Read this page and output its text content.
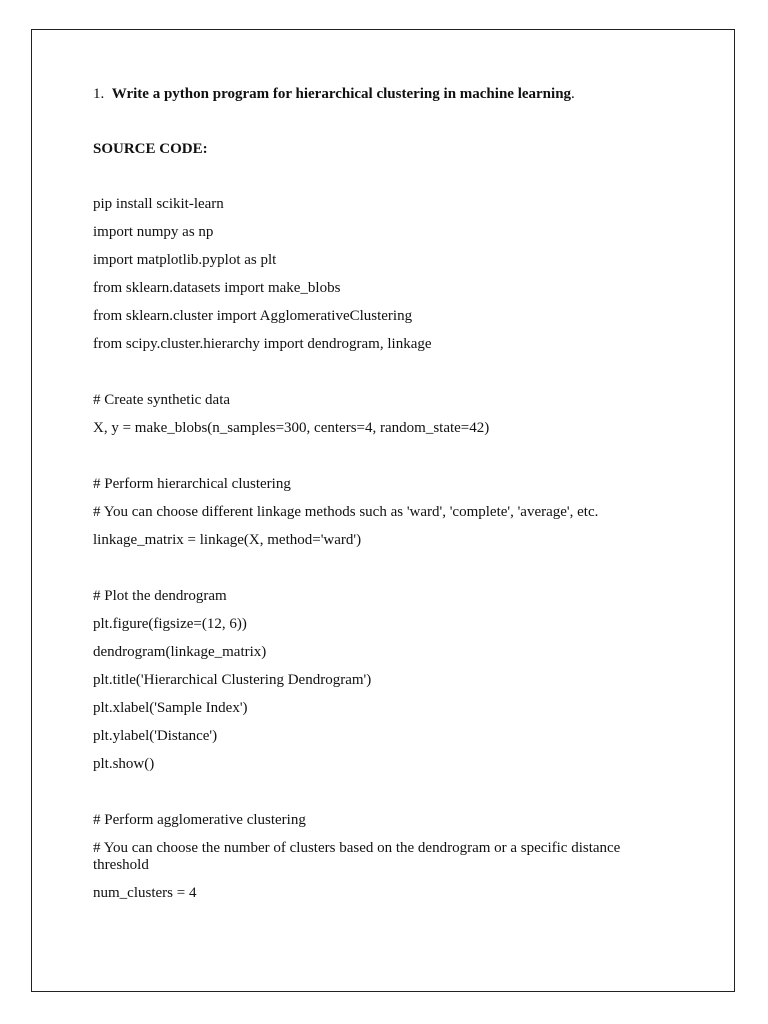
1. Write a python program for hierarchical clustering in machine learning.

SOURCE CODE:

pip install scikit-learn

import numpy as np

import matplotlib.pyplot as plt

from sklearn.datasets import make_blobs

from sklearn.cluster import AgglomerativeClustering

from scipy.cluster.hierarchy import dendrogram, linkage

# Create synthetic data

X, y = make_blobs(n_samples=300, centers=4, random_state=42)

# Perform hierarchical clustering

# You can choose different linkage methods such as 'ward', 'complete', 'average', etc.

linkage_matrix = linkage(X, method='ward')

# Plot the dendrogram

plt.figure(figsize=(12, 6))

dendrogram(linkage_matrix)

plt.title('Hierarchical Clustering Dendrogram')

plt.xlabel('Sample Index')

plt.ylabel('Distance')

plt.show()

# Perform agglomerative clustering

# You can choose the number of clusters based on the dendrogram or a specific distance threshold

num_clusters = 4
